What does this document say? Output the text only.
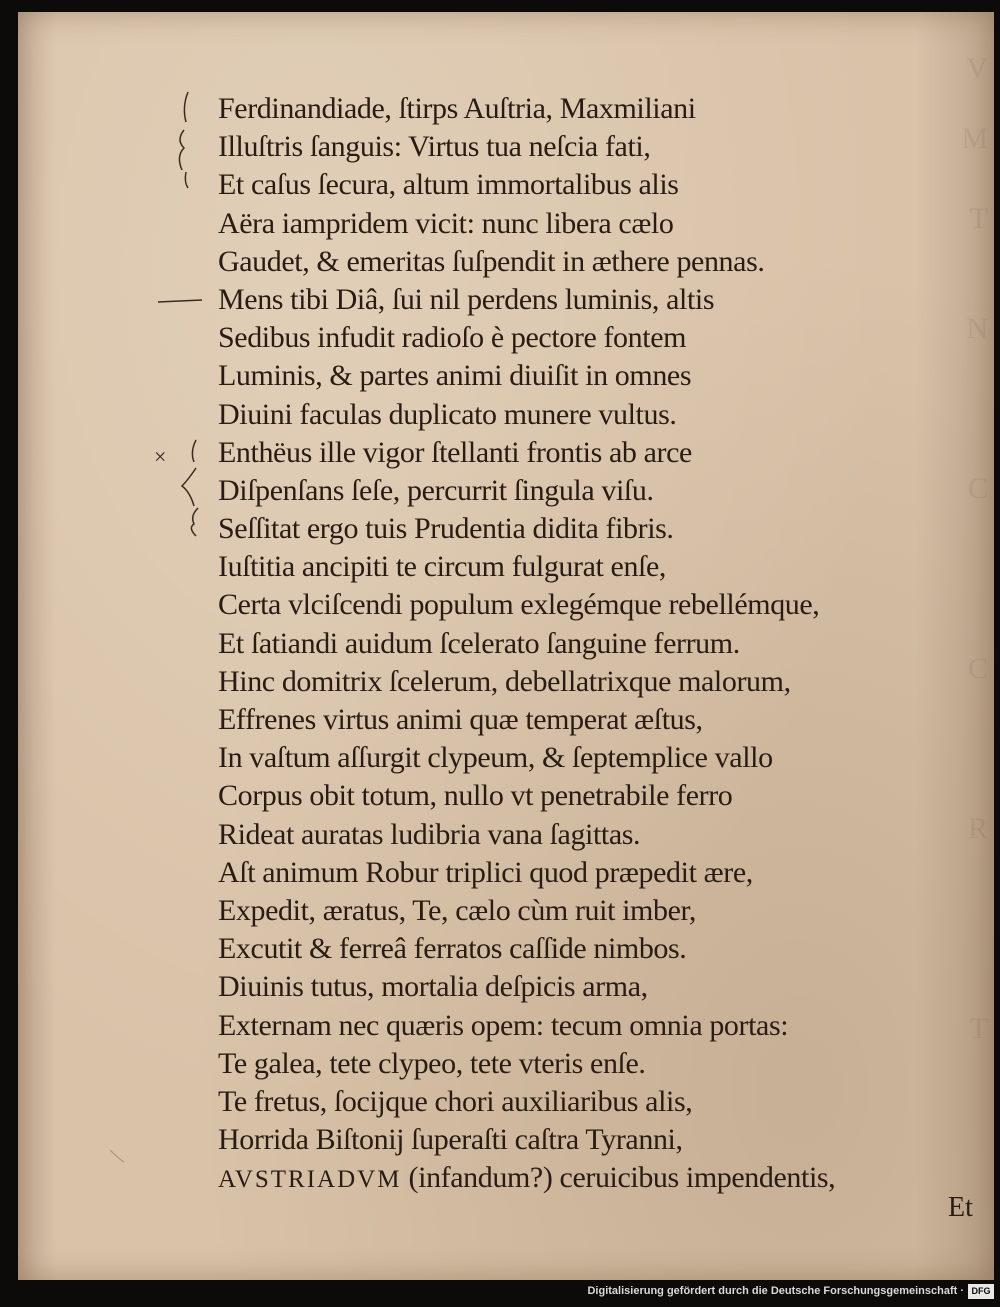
V
M
T
N
C
C
R
T
×
Ferdinandiade, ſtirps Auſtria, Maxmiliani
Illuſtris ſanguis: Virtus tua neſcia fati,
Et caſus ſecura, altum immortalibus alis
Aëra iampridem vicit: nunc libera cælo
Gaudet, & emeritas ſuſpendit in æthere pennas.
Mens tibi Diâ, ſui nil perdens luminis, altis
Sedibus infudit radioſo è pectore fontem
Luminis, & partes animi diuiſit in omnes
Diuini faculas duplicato munere vultus.
Enthëus ille vigor ſtellanti frontis ab arce
Diſpenſans ſeſe, percurrit ſingula viſu.
Seſſitat ergo tuis Prudentia didita fibris.
Iuſtitia ancipiti te circum fulgurat enſe,
Certa vlciſcendi populum exlegémque rebellémque,
Et ſatiandi auidum ſcelerato ſanguine ferrum.
Hinc domitrix ſcelerum, debellatrixque malorum,
Effrenes virtus animi quæ temperat æſtus,
In vaſtum aſſurgit clypeum, & ſeptemplice vallo
Corpus obit totum, nullo vt penetrabile ferro
Rideat auratas ludibria vana ſagittas.
Aſt animum Robur triplici quod præpedit ære,
Expedit, æratus, Te, cælo cùm ruit imber,
Excutit & ferreâ ferratos caſſide nimbos.
Diuinis tutus, mortalia deſpicis arma,
Externam nec quæris opem: tecum omnia portas:
Te galea, tete clypeo, tete vteris enſe.
Te fretus, ſocijque chori auxiliaribus alis,
Horrida Biſtonij ſuperaſti caſtra Tyranni,
AVSTRIADVM (infandum?) ceruicibus impendentis,
Et
Digitalisierung gefördert durch die Deutsche Forschungsgemeinschaft · DFG
